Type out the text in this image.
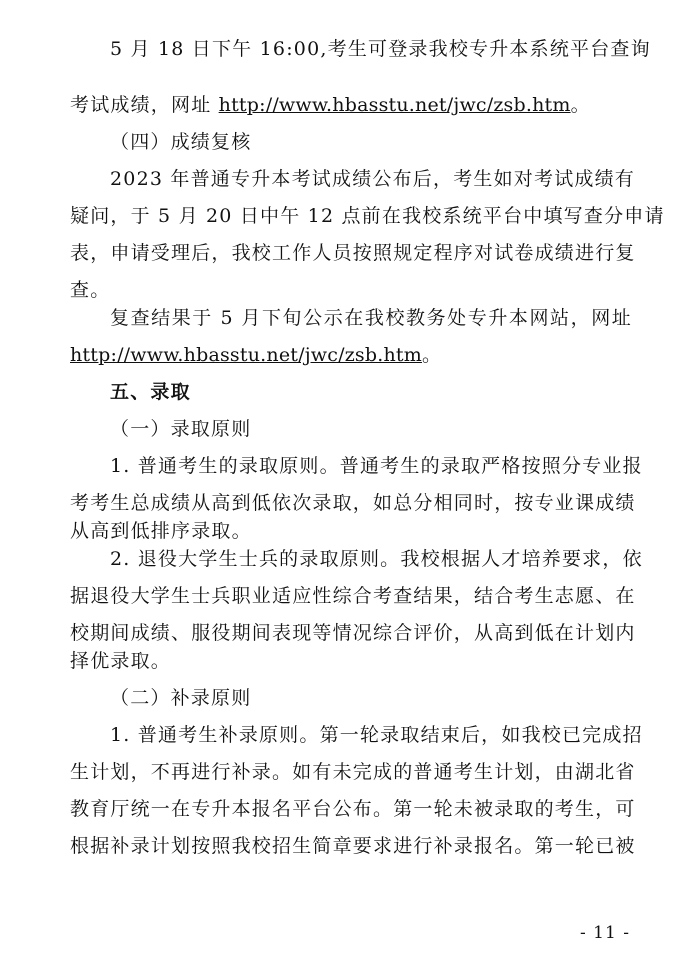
5 月 18 日下午 16:00,考生可登录我校专升本系统平台查询
考试成绩，网址 http://www.hbasstu.net/jwc/zsb.htm。
（四）成绩复核
2023 年普通专升本考试成绩公布后，考生如对考试成绩有
疑问，于 5 月 20 日中午 12 点前在我校系统平台中填写查分申请
表，申请受理后，我校工作人员按照规定程序对试卷成绩进行复
查。
复查结果于 5 月下旬公示在我校教务处专升本网站，网址
http://www.hbasstu.net/jwc/zsb.htm。
五、录取
（一）录取原则
1. 普通考生的录取原则。普通考生的录取严格按照分专业报
考考生总成绩从高到低依次录取，如总分相同时，按专业课成绩
从高到低排序录取。
2. 退役大学生士兵的录取原则。我校根据人才培养要求，依
据退役大学生士兵职业适应性综合考查结果，结合考生志愿、在
校期间成绩、服役期间表现等情况综合评价，从高到低在计划内
择优录取。
（二）补录原则
1. 普通考生补录原则。第一轮录取结束后，如我校已完成招
生计划，不再进行补录。如有未完成的普通考生计划，由湖北省
教育厅统一在专升本报名平台公布。第一轮未被录取的考生，可
根据补录计划按照我校招生简章要求进行补录报名。第一轮已被
- 11 -
